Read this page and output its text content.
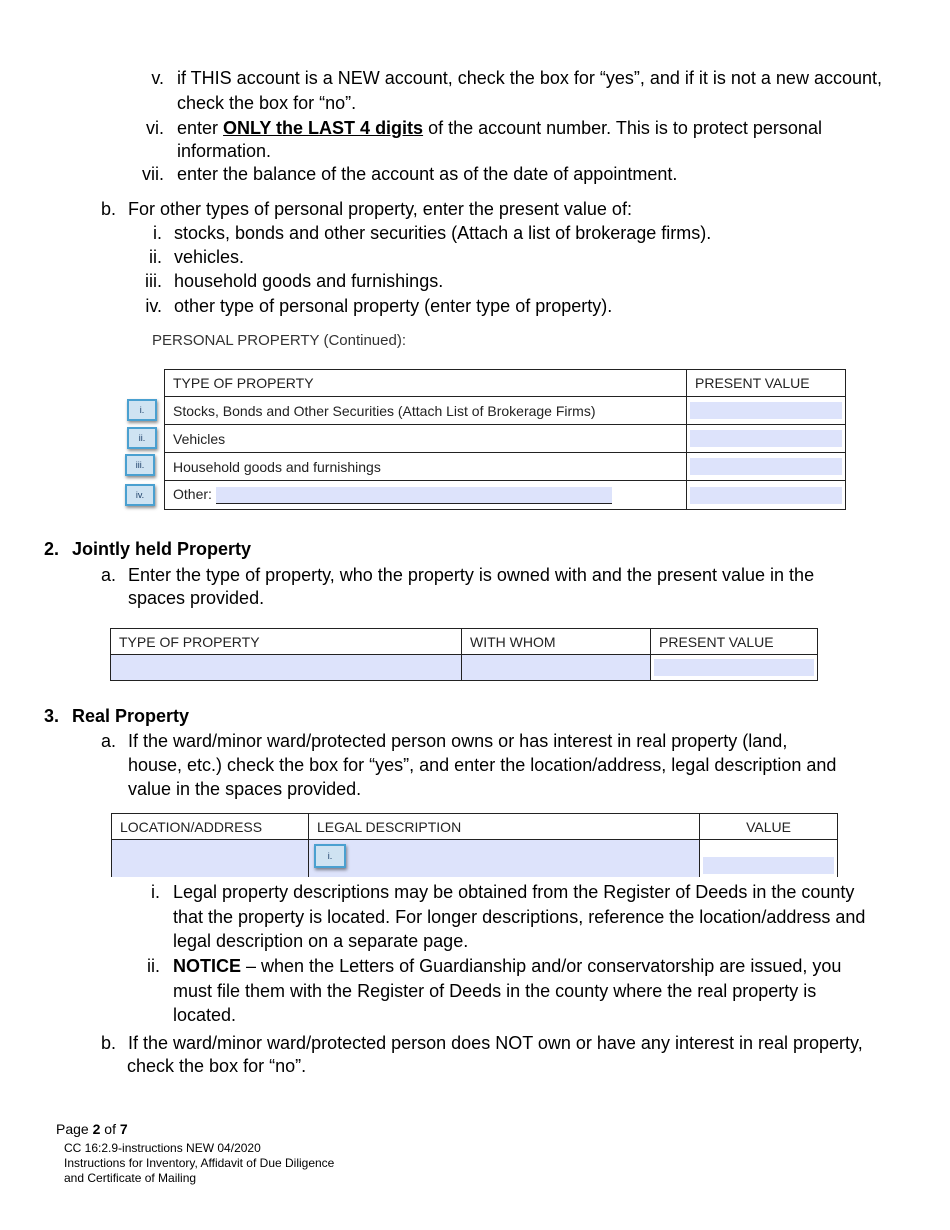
v. if THIS account is a NEW account, check the box for “yes”, and if it is not a new account,
check the box for “no”.
vi. enter ONLY the LAST 4 digits of the account number. This is to protect personal
information.
vii. enter the balance of the account as of the date of appointment.
b. For other types of personal property, enter the present value of:
i. stocks, bonds and other securities (Attach a list of brokerage firms).
ii. vehicles.
iii. household goods and furnishings.
iv. other type of personal property (enter type of property).
PERSONAL PROPERTY (Continued):
TYPE OF PROPERTY	PRESENT VALUE
Stocks, Bonds and Other Securities (Attach List of Brokerage Firms)	

Vehicles	

Household goods and furnishings	

Other:	
i.
ii.
iii.
iv.
2. Jointly held Property
a. Enter the type of property, who the property is owned with and the present value in the
spaces provided.
TYPE OF PROPERTY	WITH WHOM	PRESENT VALUE

3. Real Property
a. If the ward/minor ward/protected person owns or has interest in real property (land,
house, etc.) check the box for “yes”, and enter the location/address, legal description and
value in the spaces provided.
LOCATION/ADDRESS	LEGAL DESCRIPTION	VALUE

i.
i. Legal property descriptions may be obtained from the Register of Deeds in the county
that the property is located. For longer descriptions, reference the location/address and
legal description on a separate page.
ii. NOTICE – when the Letters of Guardianship and/or conservatorship are issued, you
must file them with the Register of Deeds in the county where the real property is
located.
b. If the ward/minor ward/protected person does NOT own or have any interest in real property,
check the box for “no”.
Page 2 of 7
CC 16:2.9-instructions NEW 04/2020
Instructions for Inventory, Affidavit of Due Diligence
and Certificate of Mailing
